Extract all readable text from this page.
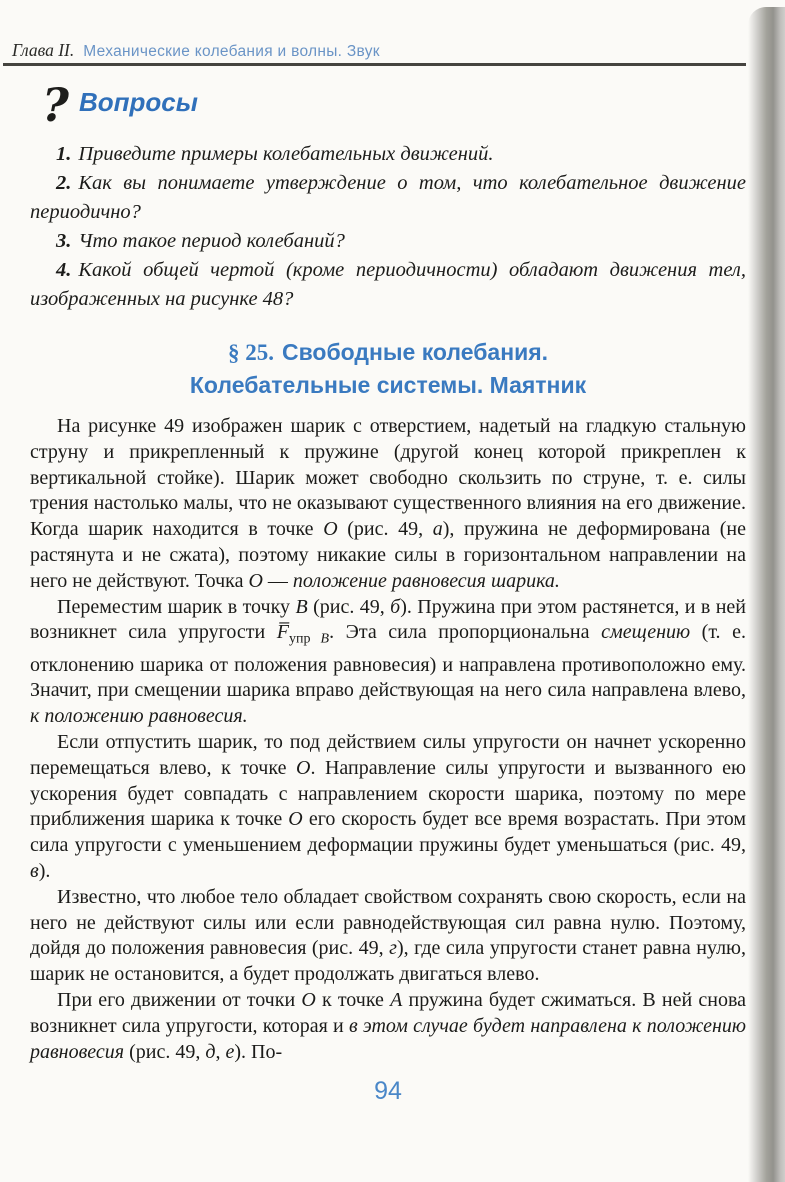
Глава II. Механические колебания и волны. Звук
? Вопросы

1. Приведите примеры колебательных движений.

2. Как вы понимаете утверждение о том, что колебательное движение периодично?

3. Что такое период колебаний?

4. Какой общей чертой (кроме периодичности) обладают движения тел, изображенных на рисунке 48?

§ 25. Свободные колебания.
Колебательные системы. Маятник

На рисунке 49 изображен шарик с отверстием, надетый на гладкую стальную струну и прикрепленный к пружине (другой конец которой прикреплен к вертикальной стойке). Шарик может свободно скользить по струне, т. е. силы трения настолько малы, что не оказывают существенного влияния на его движение. Когда шарик находится в точке O (рис. 49, а), пружина не деформирована (не растянута и не сжата), поэтому никакие силы в горизонтальном направлении на него не действуют. Точка O — положение равновесия шарика.

Переместим шарик в точку B (рис. 49, б). Пружина при этом растянется, и в ней возникнет сила упругости $F̅_{упр}$ $_B$. Эта сила пропорциональна смещению (т. е. отклонению шарика от положения равновесия) и направлена противоположно ему. Значит, при смещении шарика вправо действующая на него сила направлена влево, к положению равновесия.

Если отпустить шарик, то под действием силы упругости он начнет ускоренно перемещаться влево, к точке O. Направление силы упругости и вызванного ею ускорения будет совпадать с направлением скорости шарика, поэтому по мере приближения шарика к точке O его скорость будет все время возрастать. При этом сила упругости с уменьшением деформации пружины будет уменьшаться (рис. 49, в).

Известно, что любое тело обладает свойством сохранять свою скорость, если на него не действуют силы или если равнодействующая сил равна нулю. Поэтому, дойдя до положения равновесия (рис. 49, г), где сила упругости станет равна нулю, шарик не остановится, а будет продолжать двигаться влево.

При его движении от точки O к точке A пружина будет сжиматься. В ней снова возникнет сила упругости, которая и в этом случае будет направлена к положению равновесия (рис. 49, д, е). По-

94
